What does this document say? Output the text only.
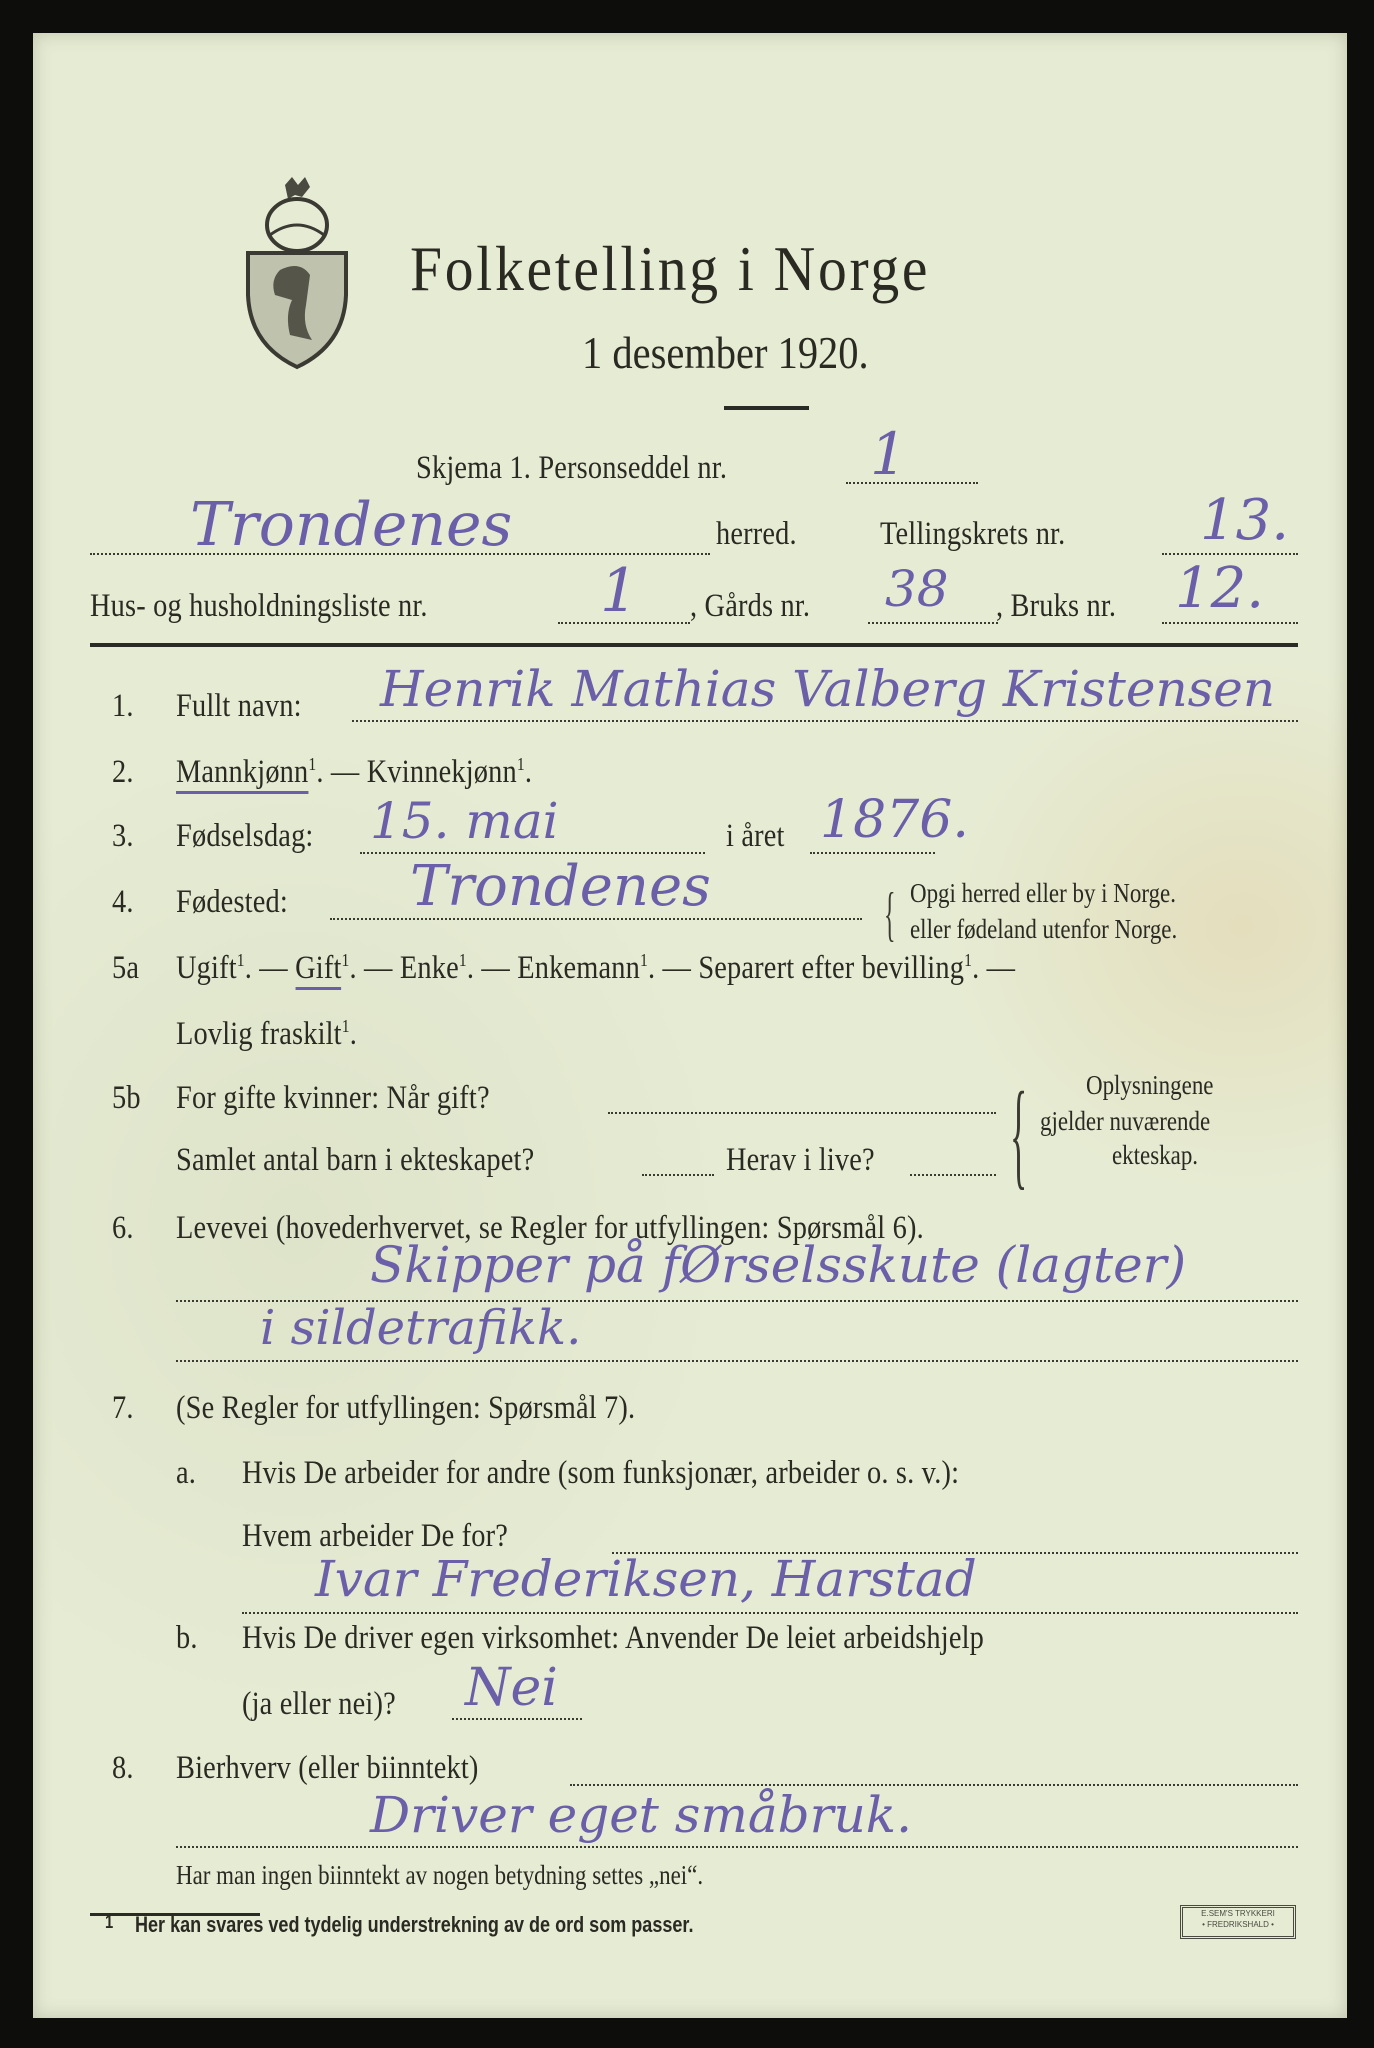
Folketelling i Norge
1 desember 1920.
Skjema 1. Personseddel nr. 1
Trondenes	herred.	Tellingskrets nr. 13.
Hus- og husholdningsliste nr.	1 , Gårds nr. 38 , Bruks nr. 12.
1. Fullt navn: Henrik Mathias Valberg Kristensen
2. Mannkjønn$^1$. — Kvinnekjønn$^1$.
3. Fødselsdag: 15. mai	i året 1876.
4. Fødested: Trondenes	{ Opgi herred eller by i Norge.
eller fødeland utenfor Norge.
5a Ugift$^1$. — Gift$^1$. — Enke$^1$. — Enkemann$^1$. — Separert efter bevilling$^1$. —
Lovlig fraskilt$^1$.
5b For gifte kvinner: Når gift?
Samlet antal barn i ekteskapet?	Herav i live? { Oplysningene
gjelder nuværende
ekteskap.
6. Levevei (hovederhvervet, se Regler for utfyllingen: Spørsmål 6).
Skipper på fØrselsskute (lagter)
i sildetrafikk.
7. (Se Regler for utfyllingen: Spørsmål 7).
a. Hvis De arbeider for andre (som funksjonær, arbeider o. s. v.):
Hvem arbeider De for?
Ivar Frederiksen, Harstad
b. Hvis De driver egen virksomhet: Anvender De leiet arbeidshjelp
(ja eller nei)? Nei
8. Bierhverv (eller biinntekt)
Driver eget småbruk.
Har man ingen biinntekt av nogen betydning settes „nei“.
1 Her kan svares ved tydelig understrekning av de ord som passer.	E.SEM'S TRYKKERI
• FREDRIKSHALD •
